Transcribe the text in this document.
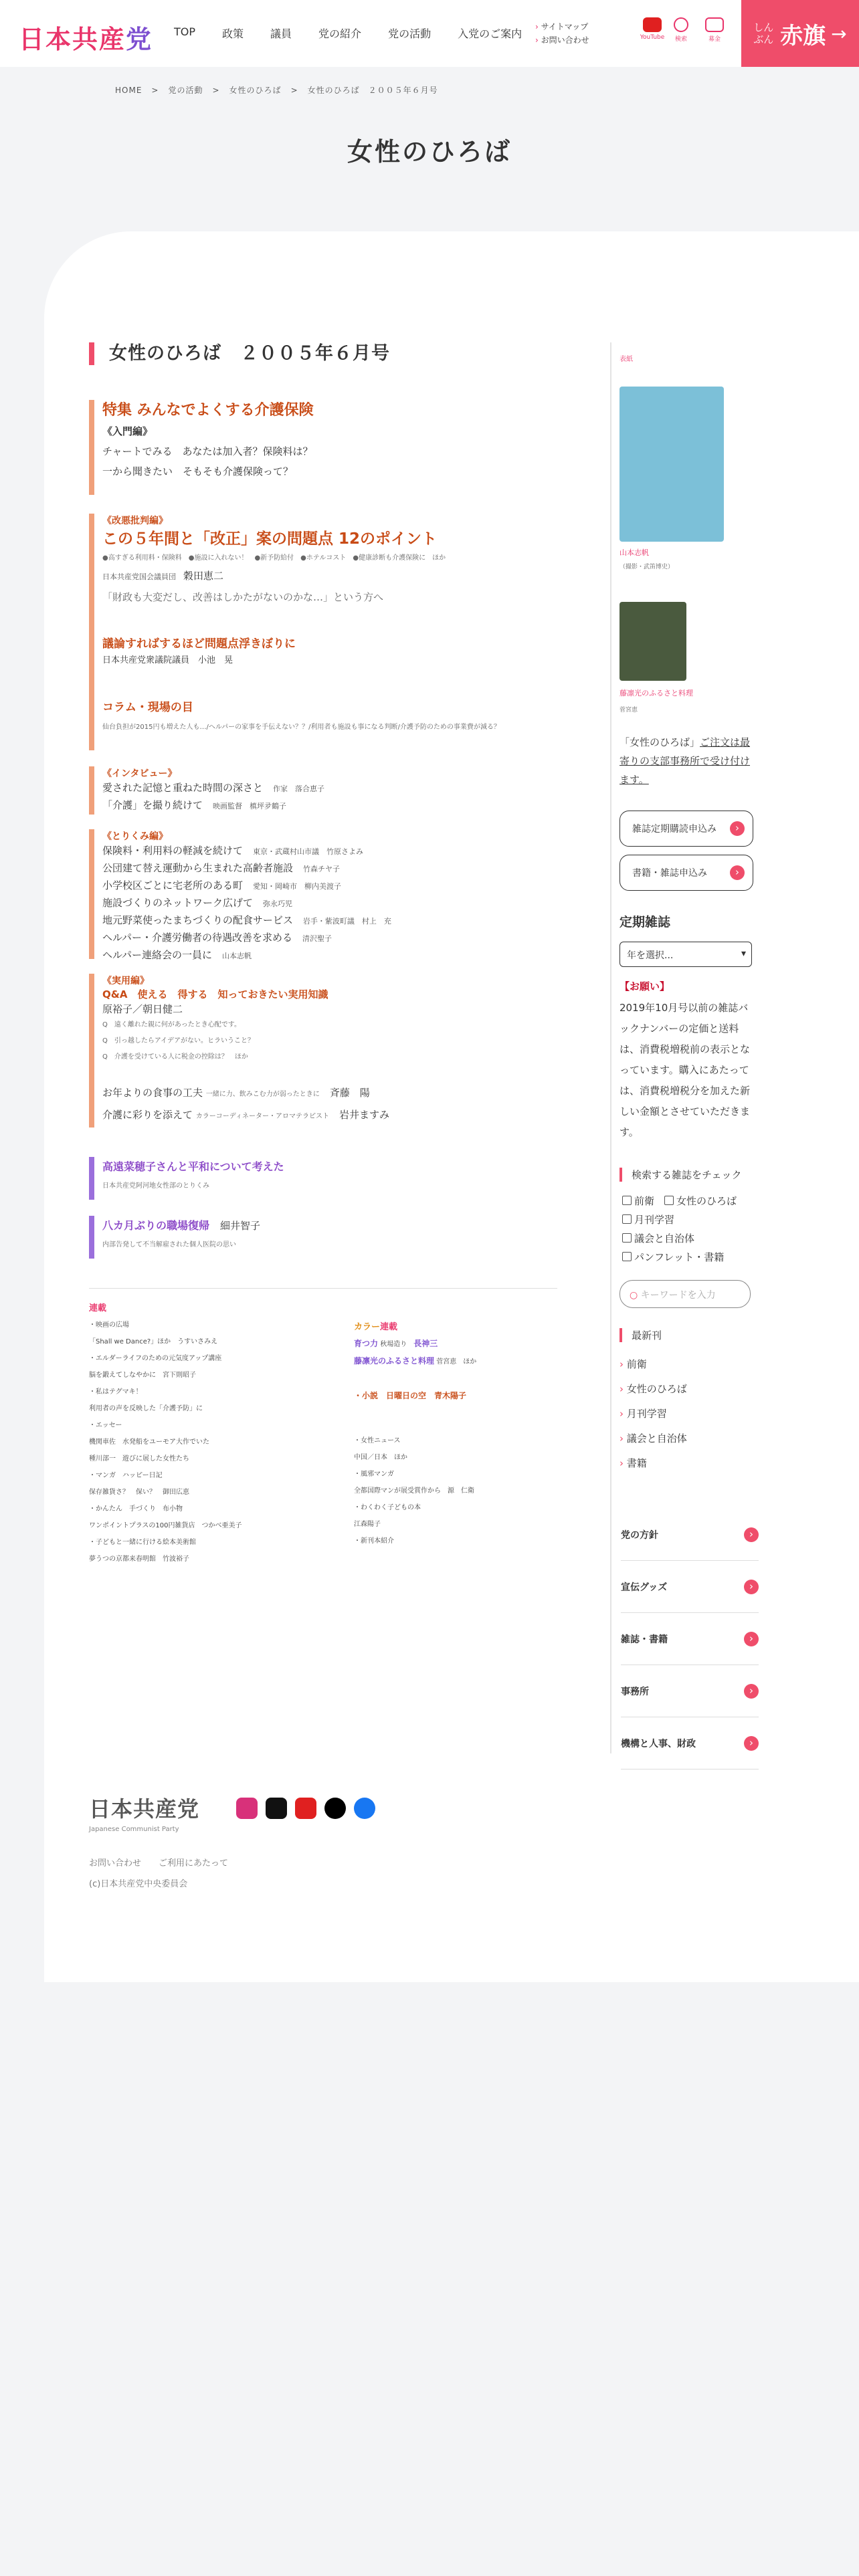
日本共産党	TOP	政策	議員	党の紹介	党の活動	入党のご案内
› サイトマップ
› お問い合わせ	YouTube	検索	募金
しんぶん 赤旗 →
HOME > 党の活動 > 女性のひろば > 女性のひろば　２００５年６月号
女性のひろば
女性のひろば　２００５年６月号
特集 みんなでよくする介護保険
《入門編》
チャートでみる　あなたは加入者？保険料は？
一から聞きたい　そもそも介護保険って？
《改悪批判編》
この５年間と「改正」案の問題点 12のポイント
●高すぎる利用料・保険料　●施設に入れない！　●新予防給付　●ホテルコスト　●健康診断も介護保険に　ほか
日本共産党国会議員団　穀田恵二
「財政も大変だし、改善はしかたがないのかな…」という方へ
議論すればするほど問題点浮きぼりに
日本共産党衆議院議員　小池　晃
コラム・現場の目
仙台負担が2015円も増えた人も…/ヘルパーの家事を手伝えない？？/利用者も施設も事になる判断/介護予防のための事業費が減る？
《インタビュー》
愛された記憶と重ねた時間の深さと　 作家　落合恵子
「介護」を撮り続けて　 映画監督　槙坪夛鶴子
《とりくみ編》
保険料・利用料の軽減を続けて　 東京・武蔵村山市議　竹原さよみ
公団建て替え運動から生まれた高齢者施設　 竹森チヤ子
小学校区ごとに宅老所のある町　 愛知・岡崎市　柳内美渡子
施設づくりのネットワーク広げて　 弥永巧児
地元野菜使ったまちづくりの配食サービス　 岩手・紫波町議　村上　充
ヘルパー・介護労働者の待遇改善を求める　 清沢聖子
ヘルパー連絡会の一員に　 山本志帆
《実用編》
Q&A　使える　得する　知っておきたい実用知識
原裕子／朝日健二
Q　遠く離れた親に何があったとき心配です。
Q　引っ越したらアイデアがない。ヒラいうこと？
Q　介護を受けている人に税金の控除は？　ほか
お年よりの食事の工夫 一緒に力、飲みこむ力が弱ったときに　 斉藤　陽
介護に彩りを添えて カラーコーディネーター・アロマテラピスト　 岩井ますみ
高遠菜穂子さんと平和について考えた
日本共産党阿河地女性部のとりくみ
八カ月ぶりの職場復帰　 細井智子
内部告発して不当解雇された個人医院の思い
連載
・映画の広場
「Shall we Dance?」ほか　うすいさみえ
・エルダーライフのための元気度アップ講座
脳を鍛えてしなやかに　宮下則昭子
・私はテグマキ！
利用者の声を反映した「介護予防」に
・エッセー
機関車佐　水発船をユーモア大作でいた
種川部一　遊びに展した女性たち
・マンガ　ハッピー日記
保存雑貨さ？　保い？　御田広恵
・かんたん　手づくり　布小物
ワンポイントプラスの100円雑貨店　つかべ亜美子
・子どもと一緒に行ける絵本美術館
夢うつの京都来春明館　竹波裕子
カラー連載
育つ力 秋場造り　 長神三
藤凛光のふるさと料理 菅宮恵　ほか
・小説　日曜日の空　青木陽子
・女性ニュース
中国／日本　ほか
・風邪マンガ
全都国際マンが展受賞作から　源　仁衛
・わくわく子どもの本
江森陽子
・新刊本紹介
表紙
山本志帆
（撮影・武笛博史）
藤凛光のふるさと料理
菅宮恵
「女性のひろば」ご注文は最寄りの支部事務所で受け付けます。
雑誌定期購読申込み ›
書籍・雑誌申込み ›
定期雑誌
年を選択...	▾
【お願い】
2019年10月号以前の雑誌バックナンバーの定価と送料は、消費税増税前の表示となっています。購入にあたっては、消費税増税分を加えた新しい金額とさせていただきます。
検索する雑誌をチェック
前衛　 女性のひろば
月刊学習
議会と自治体
パンフレット・書籍
○ キーワードを入力
最新刊
› 前衛
› 女性のひろば
› 月刊学習
› 議会と自治体
› 書籍
党の方針 ›
宣伝グッズ ›
雑誌・書籍 ›
事務所 ›
機構と人事、財政 ›
日本共産党
Japanese Communist Party
お問い合わせ　　ご利用にあたって
(c)日本共産党中央委員会
